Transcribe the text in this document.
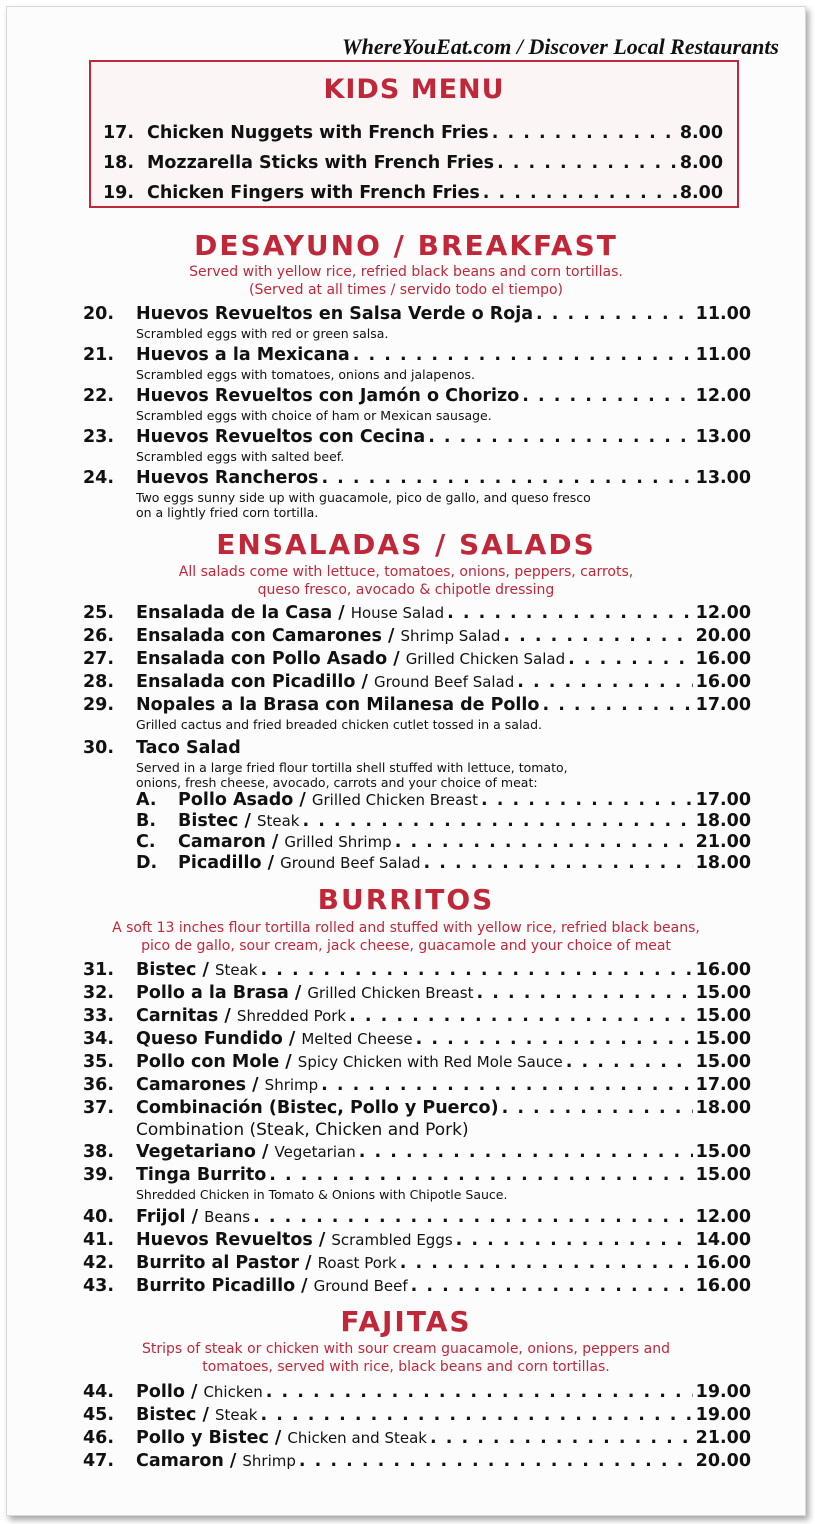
WhereYouEat.com / Discover Local Restaurants
KIDS MENU
17. Chicken Nuggets with French Fries . . .	8.00
18. Mozzarella Sticks with French Fries . . .	8.00
19. Chicken Fingers with French Fries . . .	8.00
DESAYUNO / BREAKFAST
Served with yellow rice, refried black beans and corn tortillas.
(Served at all times / servido todo el tiempo)
20.	Huevos Revueltos en Salsa Verde o Roja . . .	11.00
Scrambled eggs with red or green salsa.
21.	Huevos a la Mexicana . . .	11.00
Scrambled eggs with tomatoes, onions and jalapenos.
22.	Huevos Revueltos con Jamón o Chorizo . . .	12.00
Scrambled eggs with choice of ham or Mexican sausage.
23.	Huevos Revueltos con Cecina . . .	13.00
Scrambled eggs with salted beef.
24.	Huevos Rancheros . . .	13.00
Two eggs sunny side up with guacamole, pico de gallo, and queso fresco
on a lightly fried corn tortilla.
ENSALADAS / SALADS
All salads come with lettuce, tomatoes, onions, peppers, carrots,
queso fresco, avocado & chipotle dressing
25.	Ensalada de la Casa / House Salad . . .	12.00
26.	Ensalada con Camarones / Shrimp Salad . . .	20.00
27.	Ensalada con Pollo Asado / Grilled Chicken Salad . . .	16.00
28.	Ensalada con Picadillo / Ground Beef Salad . . .	16.00
29.	Nopales a la Brasa con Milanesa de Pollo . . .	17.00
Grilled cactus and fried breaded chicken cutlet tossed in a salad.
30.	Taco Salad
Served in a large fried flour tortilla shell stuffed with lettuce, tomato,
onions, fresh cheese, avocado, carrots and your choice of meat:
A.	Pollo Asado / Grilled Chicken Breast . . .	17.00
B.	Bistec / Steak . . .	18.00
C.	Camaron / Grilled Shrimp . . .	21.00
D.	Picadillo / Ground Beef Salad . . .	18.00
BURRITOS
A soft 13 inches flour tortilla rolled and stuffed with yellow rice, refried black beans,
pico de gallo, sour cream, jack cheese, guacamole and your choice of meat
31.	Bistec / Steak . . .	16.00
32.	Pollo a la Brasa / Grilled Chicken Breast . . .	15.00
33.	Carnitas / Shredded Pork . . .	15.00
34.	Queso Fundido / Melted Cheese . . .	15.00
35.	Pollo con Mole / Spicy Chicken with Red Mole Sauce . . .	15.00
36.	Camarones / Shrimp . . .	17.00
37.	Combinación (Bistec, Pollo y Puerco) . . .	18.00
Combination (Steak, Chicken and Pork)
38.	Vegetariano / Vegetarian . . .	15.00
39.	Tinga Burrito . . .	15.00
Shredded Chicken in Tomato & Onions with Chipotle Sauce.
40.	Frijol / Beans . . .	12.00
41.	Huevos Revueltos / Scrambled Eggs . . .	14.00
42.	Burrito al Pastor / Roast Pork . . .	16.00
43.	Burrito Picadillo / Ground Beef . . .	16.00
FAJITAS
Strips of steak or chicken with sour cream guacamole, onions, peppers and
tomatoes, served with rice, black beans and corn tortillas.
44.	Pollo / Chicken . . .	19.00
45.	Bistec / Steak . . .	19.00
46.	Pollo y Bistec / Chicken and Steak . . .	21.00
47.	Camaron / Shrimp . . .	20.00
